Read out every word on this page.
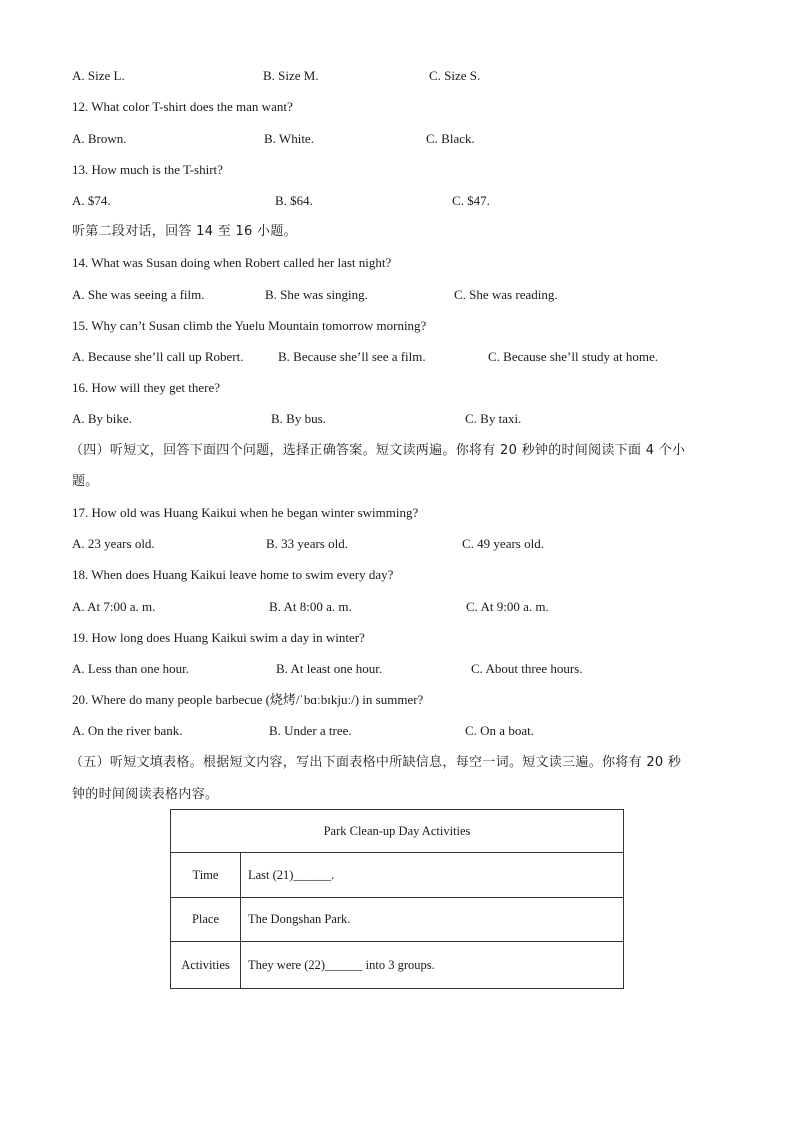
A. Size L.	B. Size M.	C. Size S.
12. What color T-shirt does the man want?
A. Brown.	B. White.	C. Black.
13. How much is the T-shirt?
A. $74.	B. $64.	C. $47.
听第二段对话，回答 14 至 16 小题。
14. What was Susan doing when Robert called her last night?
A. She was seeing a film.	B. She was singing.	C. She was reading.
15. Why can’t Susan climb the Yuelu Mountain tomorrow morning?
A. Because she’ll call up Robert.	B. Because she’ll see a film.	C. Because she’ll study at home.
16. How will they get there?
A. By bike.	B. By bus.	C. By taxi.
（四）听短文，回答下面四个问题，选择正确答案。短文读两遍。你将有 20 秒钟的时间阅读下面 4 个小
题。
17. How old was Huang Kaikui when he began winter swimming?
A. 23 years old.	B. 33 years old.	C. 49 years old.
18. When does Huang Kaikui leave home to swim every day?
A. At 7:00 a. m.	B. At 8:00 a. m.	C. At 9:00 a. m.
19. How long does Huang Kaikui swim a day in winter?
A. Less than one hour.	B. At least one hour.	C. About three hours.
20. Where do many people barbecue (烧烤/ˈbɑːbɪkjuː/) in summer?
A. On the river bank.	B. Under a tree.	C. On a boat.
（五）听短文填表格。根据短文内容，写出下面表格中所缺信息，每空一词。短文读三遍。你将有 20 秒
钟的时间阅读表格内容。
Park Clean-up Day Activities	
Time	Last (21)______.
Place	The Dongshan Park.
Activities	They were (22)______ into 3 groups.
